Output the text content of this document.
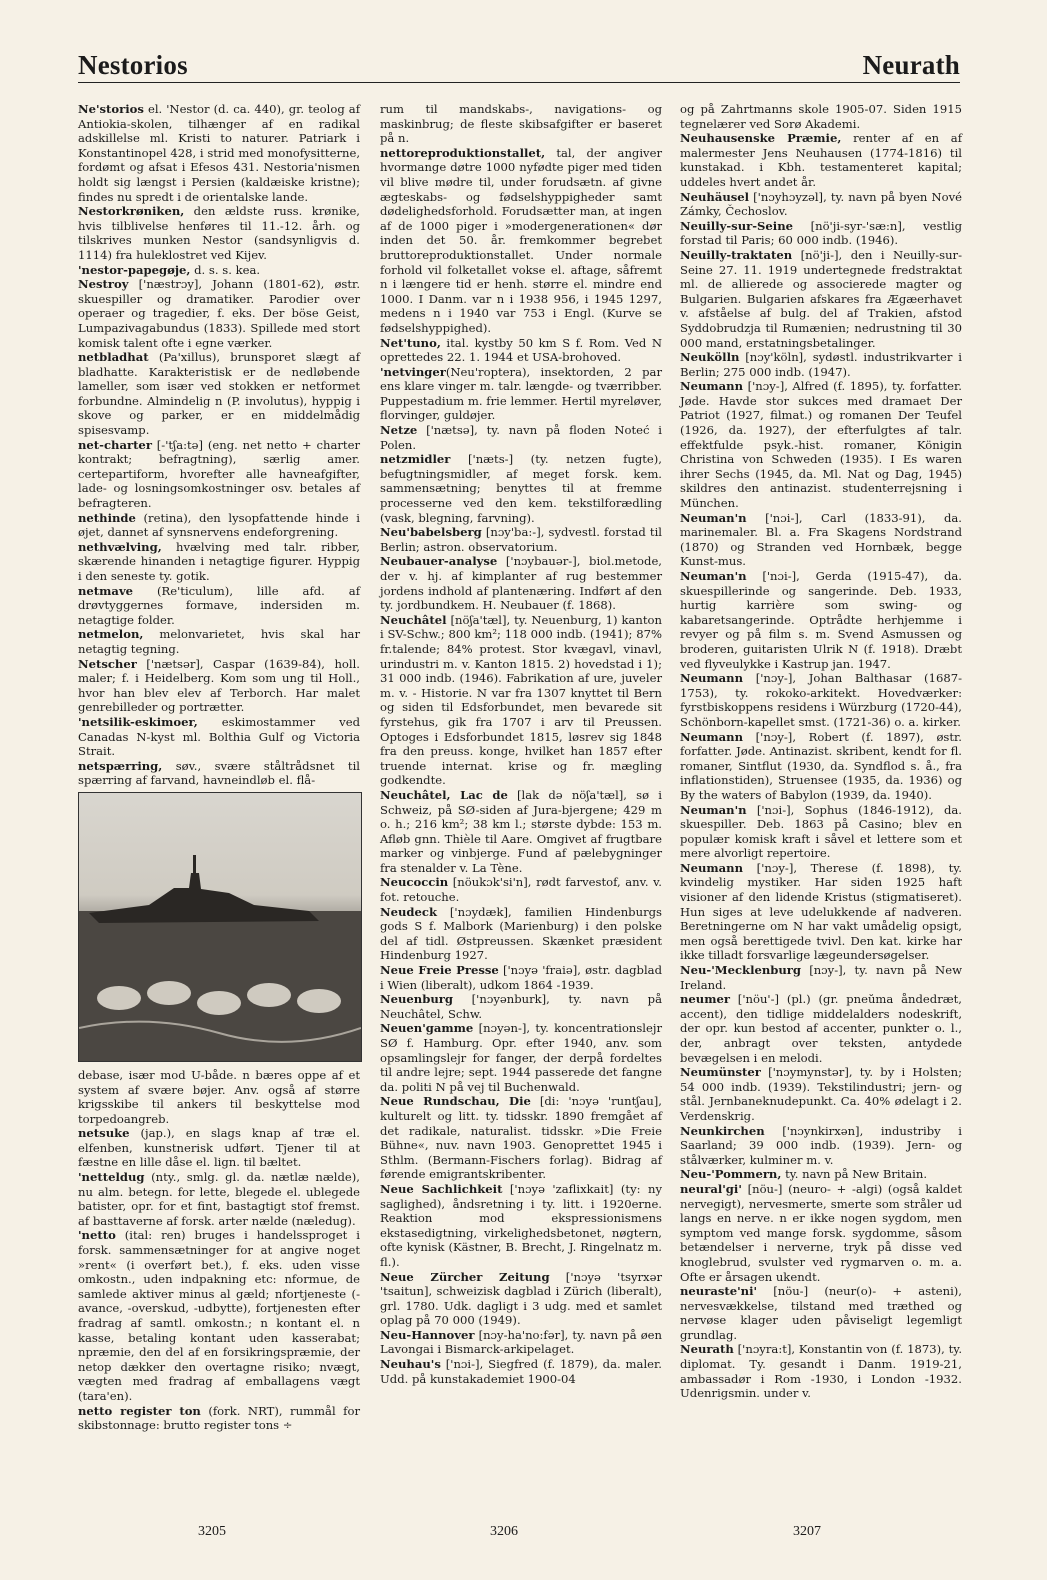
Nestorios	Neurath

Ne'storios el. 'Nestor (d. ca. 440), gr. teolog af Antiokia-skolen, tilhænger af en radikal adskillelse ml. Kristi to naturer. Patriark i Konstantinopel 428, i strid med monofysitterne, fordømt og afsat i Efesos 431. Nestoria'nismen holdt sig længst i Persien (kaldæiske kristne); findes nu spredt i de orientalske lande.

Nestorkrøniken, den ældste russ. krønike, hvis tilblivelse henføres til 11.-12. årh. og tilskrives munken Nestor (sandsynligvis d. 1114) fra huleklostret ved Kijev.

'nestor-papegøje, d. s. s. kea.

Nestroy ['næstrɔy], Johann (1801-62), østr. skuespiller og dramatiker. Parodier over operaer og tragedier, f. eks. Der böse Geist, Lumpazivagabundus (1833). Spillede med stort komisk talent ofte i egne værker.

netbladhat (Pa'xillus), brunsporet slægt af bladhatte. Karakteristisk er de nedløbende lameller, som især ved stokken er netformet forbundne. Almindelig n (P. involutus), hyppig i skove og parker, er en middelmådig spisesvamp.

net-charter [-'tʃa:tə] (eng. net netto + charter kontrakt; befragtning), særlig amer. certepartiform, hvorefter alle havneafgifter, lade- og losningsomkostninger osv. betales af befragteren.

nethinde (retina), den lysopfattende hinde i øjet, dannet af synsnervens endeforgrening.

nethvælving, hvælving med talr. ribber, skærende hinanden i netagtige figurer. Hyppig i den seneste ty. gotik.

netmave (Re'ticulum), lille afd. af drøvtyggernes formave, indersiden m. netagtige folder.

netmelon, melonvarietet, hvis skal har netagtig tegning.

Netscher ['nætsər], Caspar (1639-84), holl. maler; f. i Heidelberg. Kom som ung til Holl., hvor han blev elev af Terborch. Har malet genrebilleder og portrætter.

'netsilik-eskimoer, eskimostammer ved Canadas N-kyst ml. Bolthia Gulf og Victoria Strait.

netspærring, søv., svære ståltrådsnet til spærring af farvand, havneindløb el. flå-

debase, især mod U-både. n bæres oppe af et system af svære bøjer. Anv. også af større krigsskibe til ankers til beskyttelse mod torpedoangreb.

netsuke (jap.), en slags knap af træ el. elfenben, kunstnerisk udført. Tjener til at fæstne en lille dåse el. lign. til bæltet.

'netteldug (nty., smlg. gl. da. nætlæ nælde), nu alm. betegn. for lette, blegede el. ublegede batister, opr. for et fint, bastagtigt stof fremst. af basttaverne af forsk. arter nælde (næledug).

'netto (ital: ren) bruges i handelssproget i forsk. sammensætninger for at angive noget »rent« (i overført bet.), f. eks. uden visse omkostn., uden indpakning etc: nformue, de samlede aktiver minus al gæld; nfortjeneste (-avance, -overskud, -udbytte), fortjenesten efter fradrag af samtl. omkostn.; n kontant el. n kasse, betaling kontant uden kasserabat; npræmie, den del af en forsikringspræmie, der netop dækker den overtagne risiko; nvægt, vægten med fradrag af emballagens vægt (tara'en).

netto register ton (fork. NRT), rummål for skibstonnage: brutto register tons ÷

rum til mandskabs-, navigations- og maskinbrug; de fleste skibsafgifter er baseret på n.

nettoreproduktionstallet, tal, der angiver hvormange døtre 1000 nyfødte piger med tiden vil blive mødre til, under forudsætn. af givne ægteskabs- og fødselshyppigheder samt dødelighedsforhold. Forudsætter man, at ingen af de 1000 piger i »modergenerationen« dør inden det 50. år. fremkommer begrebet bruttoreproduktionstallet. Under normale forhold vil folketallet vokse el. aftage, såfremt n i længere tid er henh. større el. mindre end 1000. I Danm. var n i 1938 956, i 1945 1297, medens n i 1940 var 753 i Engl. (Kurve se fødselshyppighed).

Net'tuno, ital. kystby 50 km S f. Rom. Ved N oprettedes 22. 1. 1944 et USA-brohoved.

'netvinger(Neu'roptera), insektorden, 2 par ens klare vinger m. talr. længde- og tværribber. Puppestadium m. frie lemmer. Hertil myreløver, florvinger, guldøjer.

Netze ['nætsə], ty. navn på floden Noteć i Polen.

netzmidler ['næts-] (ty. netzen fugte), befugtningsmidler, af meget forsk. kem. sammensætning; benyttes til at fremme processerne ved den kem. tekstilforædling (vask, blegning, farvning).

Neu'babelsberg [nɔy'ba:-], sydvestl. forstad til Berlin; astron. observatorium.

Neubauer-analyse ['nɔybauər-], biol.metode, der v. hj. af kimplanter af rug bestemmer jordens indhold af plantenæring. Indført af den ty. jordbundkem. H. Neubauer (f. 1868).

Neuchâtel [nöʃa'tæl], ty. Neuenburg, 1) kanton i SV-Schw.; 800 km²; 118 000 indb. (1941); 87% fr.talende; 84% protest. Stor kvægavl, vinavl, urindustri m. v. Kanton 1815. 2) hovedstad i 1); 31 000 indb. (1946). Fabrikation af ure, juveler m. v. - Historie. N var fra 1307 knyttet til Bern og siden til Edsforbundet, men bevarede sit fyrstehus, gik fra 1707 i arv til Preussen. Optoges i Edsforbundet 1815, løsrev sig 1848 fra den preuss. konge, hvilket han 1857 efter truende internat. krise og fr. mægling godkendte.

Neuchâtel, Lac de [lak də nöʃa'tæl], sø i Schweiz, på SØ-siden af Jura-bjergene; 429 m o. h.; 216 km²; 38 km l.; største dybde: 153 m. Afløb gnn. Thièle til Aare. Omgivet af frugtbare marker og vinbjerge. Fund af pælebygninger fra stenalder v. La Tène.

Neucoccin [nöukɔk'si'n], rødt farvestof, anv. v. fot. retouche.

Neudeck ['nɔydæk], familien Hindenburgs gods S f. Malbork (Marienburg) i den polske del af tidl. Østpreussen. Skænket præsident Hindenburg 1927.

Neue Freie Presse ['nɔyə 'fraiə], østr. dagblad i Wien (liberalt), udkom 1864 -1939.

Neuenburg ['nɔyənburk], ty. navn på Neuchâtel, Schw.

Neuen'gamme [nɔyən-], ty. koncentrationslejr SØ f. Hamburg. Opr. efter 1940, anv. som opsamlingslejr for fanger, der derpå fordeltes til andre lejre; sept. 1944 passerede det fangne da. politi N på vej til Buchenwald.

Neue Rundschau, Die [di: 'nɔyə 'runtʃau], kulturelt og litt. ty. tidsskr. 1890 fremgået af det radikale, naturalist. tidsskr. »Die Freie Bühne«, nuv. navn 1903. Genoprettet 1945 i Sthlm. (Bermann-Fischers forlag). Bidrag af førende emigrantskribenter.

Neue Sachlichkeit ['nɔyə 'zaflixkait] (ty: ny saglighed), åndsretning i ty. litt. i 1920erne. Reaktion mod ekspressionismens ekstasedigtning, virkelighedsbetonet, nøgtern, ofte kynisk (Kästner, B. Brecht, J. Ringelnatz m. fl.).

Neue Zürcher Zeitung ['nɔyə 'tsyrxər 'tsaitun], schweizisk dagblad i Zürich (liberalt), grl. 1780. Udk. dagligt i 3 udg. med et samlet oplag på 70 000 (1949).

Neu-Hannover [nɔy-ha'no:fər], ty. navn på øen Lavongai i Bismarck-arkipelaget.

Neuhau's ['nɔi-], Siegfred (f. 1879), da. maler. Udd. på kunstakademiet 1900-04

og på Zahrtmanns skole 1905-07. Siden 1915 tegnelærer ved Sorø Akademi.

Neuhausenske Præmie, renter af en af malermester Jens Neuhausen (1774-1816) til kunstakad. i Kbh. testamenteret kapital; uddeles hvert andet år.

Neuhäusel ['nɔyhɔyzəl], ty. navn på byen Nové Zámky, Čechoslov.

Neuilly-sur-Seine [nö'ji-syr-'sæ:n], vestlig forstad til Paris; 60 000 indb. (1946).

Neuilly-traktaten [nö'ji-], den i Neuilly-sur-Seine 27. 11. 1919 undertegnede fredstraktat ml. de allierede og associerede magter og Bulgarien. Bulgarien afskares fra Ægæerhavet v. afståelse af bulg. del af Trakien, afstod Syddobrudzja til Rumænien; nedrustning til 30 000 mand, erstatningsbetalinger.

Neukölln [nɔy'köln], sydøstl. industrikvarter i Berlin; 275 000 indb. (1947).

Neumann ['nɔy-], Alfred (f. 1895), ty. forfatter. Jøde. Havde stor sukces med dramaet Der Patriot (1927, filmat.) og romanen Der Teufel (1926, da. 1927), der efterfulgtes af talr. effektfulde psyk.-hist. romaner, Königin Christina von Schweden (1935). I Es waren ihrer Sechs (1945, da. Ml. Nat og Dag, 1945) skildres den antinazist. studenterrejsning i München.

Neuman'n ['nɔi-], Carl (1833-91), da. marinemaler. Bl. a. Fra Skagens Nordstrand (1870) og Stranden ved Hornbæk, begge Kunst-mus.

Neuman'n ['nɔi-], Gerda (1915-47), da. skuespillerinde og sangerinde. Deb. 1933, hurtig karrière som swing- og kabaretsangerinde. Optrådte herhjemme i revyer og på film s. m. Svend Asmussen og broderen, guitaristen Ulrik N (f. 1918). Dræbt ved flyveulykke i Kastrup jan. 1947.

Neumann ['nɔy-], Johan Balthasar (1687-1753), ty. rokoko-arkitekt. Hovedværker: fyrstbiskoppens residens i Würzburg (1720-44), Schönborn-kapellet smst. (1721-36) o. a. kirker.

Neumann ['nɔy-], Robert (f. 1897), østr. forfatter. Jøde. Antinazist. skribent, kendt for fl. romaner, Sintflut (1930, da. Syndflod s. å., fra inflationstiden), Struensee (1935, da. 1936) og By the waters of Babylon (1939, da. 1940).

Neuman'n ['nɔi-], Sophus (1846-1912), da. skuespiller. Deb. 1863 på Casino; blev en populær komisk kraft i såvel et lettere som et mere alvorligt repertoire.

Neumann ['nɔy-], Therese (f. 1898), ty. kvindelig mystiker. Har siden 1925 haft visioner af den lidende Kristus (stigmatiseret). Hun siges at leve udelukkende af nadveren. Beretningerne om N har vakt umådelig opsigt, men også berettigede tvivl. Den kat. kirke har ikke tilladt forsvarlige lægeundersøgelser.

Neu-'Mecklenburg [nɔy-], ty. navn på New Ireland.

neumer ['nöu'-] (pl.) (gr. pneŭma åndedræt, accent), den tidlige middelalders nodeskrift, der opr. kun bestod af accenter, punkter o. l., der, anbragt over teksten, antydede bevægelsen i en melodi.

Neumünster ['nɔymynstər], ty. by i Holsten; 54 000 indb. (1939). Tekstilindustri; jern- og stål. Jernbaneknudepunkt. Ca. 40% ødelagt i 2. Verdenskrig.

Neunkirchen ['nɔynkirxən], industriby i Saarland; 39 000 indb. (1939). Jern- og stålværker, kulminer m. v.

Neu-'Pommern, ty. navn på New Britain.

neural'gi' [nöu-] (neuro- + -algi) (også kaldet nervegigt), nervesmerte, smerte som stråler ud langs en nerve. n er ikke nogen sygdom, men symptom ved mange forsk. sygdomme, såsom betændelser i nerverne, tryk på disse ved knoglebrud, svulster ved rygmarven o. m. a. Ofte er årsagen ukendt.

neuraste'ni' [nöu-] (neur(o)- + asteni), nervesvækkelse, tilstand med træthed og nervøse klager uden påviseligt legemligt grundlag.

Neurath ['nɔyra:t], Konstantin von (f. 1873), ty. diplomat. Ty. gesandt i Danm. 1919-21, ambassadør i Rom -1930, i London -1932. Udenrigsmin. under v.

3205	3206	3207
